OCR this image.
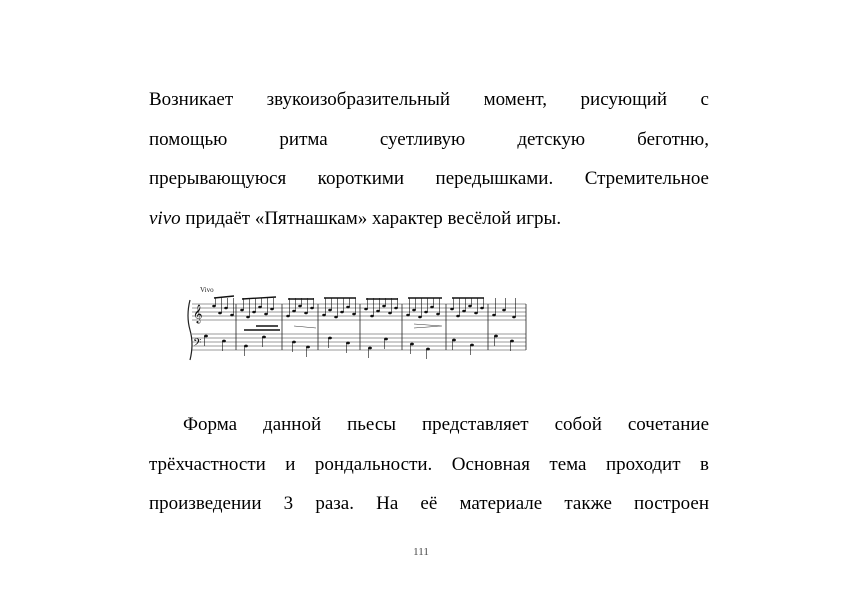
Возникает звукоизобразительный момент, рисующий с
помощью ритма суетливую детскую беготню,
прерывающуюся короткими передышками. Стремительное
vivo придаёт «Пятнашкам» характер весёлой игры.
Vivo
𝄞
𝄢
Форма данной пьесы представляет собой сочетание
трёхчастности и рондальности. Основная тема проходит в
произведении 3 раза. На её материале также построен
111
